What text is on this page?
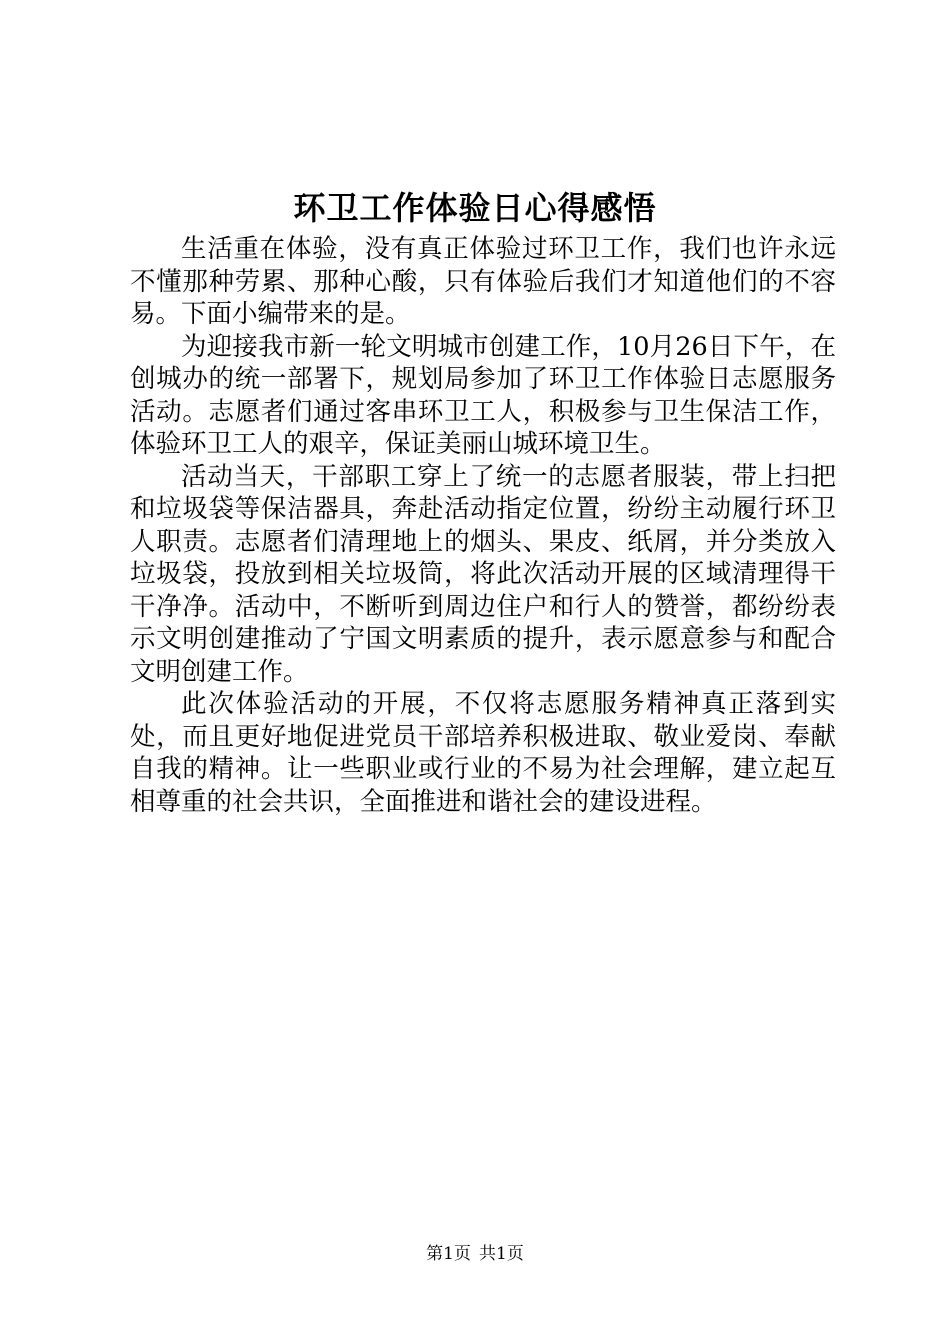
环卫工作体验日心得感悟

生活重在体验，没有真正体验过环卫工作，我们也许永远不懂那种劳累、那种心酸，只有体验后我们才知道他们的不容易。下面小编带来的是。

为迎接我市新一轮文明城市创建工作，10月26日下午，在创城办的统一部署下，规划局参加了环卫工作体验日志愿服务活动。志愿者们通过客串环卫工人，积极参与卫生保洁工作，体验环卫工人的艰辛，保证美丽山城环境卫生。

活动当天，干部职工穿上了统一的志愿者服装，带上扫把和垃圾袋等保洁器具，奔赴活动指定位置，纷纷主动履行环卫人职责。志愿者们清理地上的烟头、果皮、纸屑，并分类放入垃圾袋，投放到相关垃圾筒，将此次活动开展的区域清理得干干净净。活动中，不断听到周边住户和行人的赞誉，都纷纷表示文明创建推动了宁国文明素质的提升，表示愿意参与和配合文明创建工作。

此次体验活动的开展，不仅将志愿服务精神真正落到实处，而且更好地促进党员干部培养积极进取、敬业爱岗、奉献自我的精神。让一些职业或行业的不易为社会理解，建立起互相尊重的社会共识，全面推进和谐社会的建设进程。

第1页 共1页
